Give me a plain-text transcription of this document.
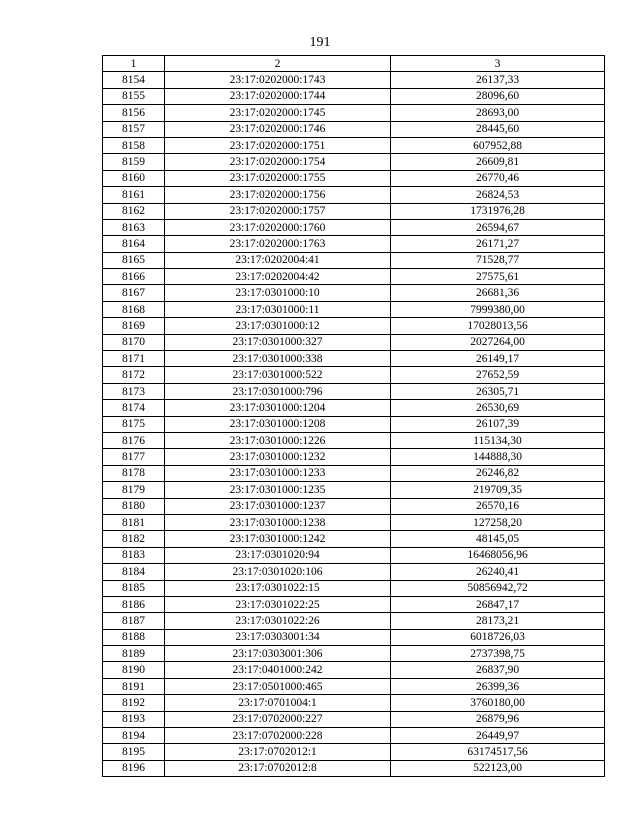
191
1	2	3
8154	23:17:0202000:1743	26137,33
8155	23:17:0202000:1744	28096,60
8156	23:17:0202000:1745	28693,00
8157	23:17:0202000:1746	28445,60
8158	23:17:0202000:1751	607952,88
8159	23:17:0202000:1754	26609,81
8160	23:17:0202000:1755	26770,46
8161	23:17:0202000:1756	26824,53
8162	23:17:0202000:1757	1731976,28
8163	23:17:0202000:1760	26594,67
8164	23:17:0202000:1763	26171,27
8165	23:17:0202004:41	71528,77
8166	23:17:0202004:42	27575,61
8167	23:17:0301000:10	26681,36
8168	23:17:0301000:11	7999380,00
8169	23:17:0301000:12	17028013,56
8170	23:17:0301000:327	2027264,00
8171	23:17:0301000:338	26149,17
8172	23:17:0301000:522	27652,59
8173	23:17:0301000:796	26305,71
8174	23:17:0301000:1204	26530,69
8175	23:17:0301000:1208	26107,39
8176	23:17:0301000:1226	115134,30
8177	23:17:0301000:1232	144888,30
8178	23:17:0301000:1233	26246,82
8179	23:17:0301000:1235	219709,35
8180	23:17:0301000:1237	26570,16
8181	23:17:0301000:1238	127258,20
8182	23:17:0301000:1242	48145,05
8183	23:17:0301020:94	16468056,96
8184	23:17:0301020:106	26240,41
8185	23:17:0301022:15	50856942,72
8186	23:17:0301022:25	26847,17
8187	23:17:0301022:26	28173,21
8188	23:17:0303001:34	6018726,03
8189	23:17:0303001:306	2737398,75
8190	23:17:0401000:242	26837,90
8191	23:17:0501000:465	26399,36
8192	23:17:0701004:1	3760180,00
8193	23:17:0702000:227	26879,96
8194	23:17:0702000:228	26449,97
8195	23:17:0702012:1	63174517,56
8196	23:17:0702012:8	522123,00
